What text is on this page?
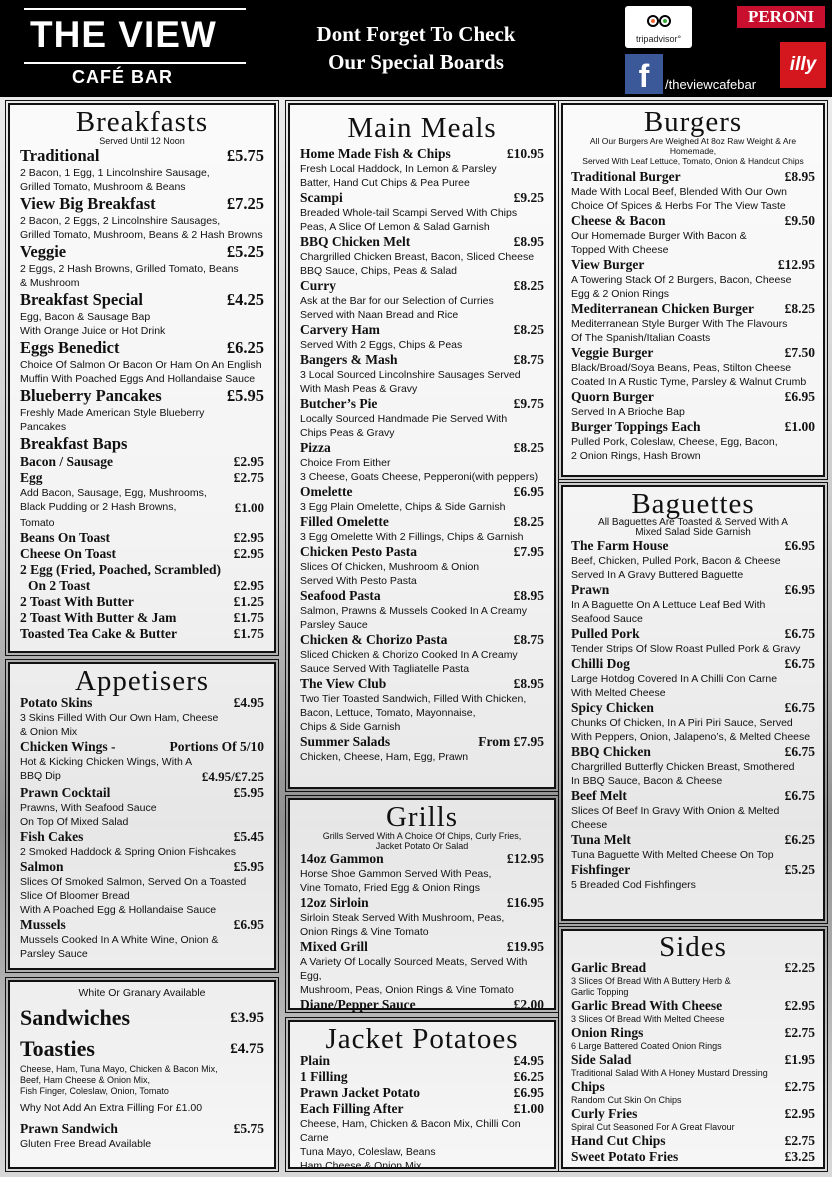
THE VIEW
CAFÉ BAR
Dont Forget To Check
Our Special Boards
tripadvisor°
PERONI
f	/theviewcafebar
illy
Breakfasts
Served Until 12 Noon
Traditional	£5.75
2 Bacon, 1 Egg, 1 Lincolnshire Sausage,
Grilled Tomato, Mushroom & Beans
View Big Breakfast	£7.25
2 Bacon, 2 Eggs, 2 Lincolnshire Sausages,
Grilled Tomato, Mushroom, Beans & 2 Hash Browns
Veggie	£5.25
2 Eggs, 2 Hash Browns, Grilled Tomato, Beans
& Mushroom
Breakfast Special	£4.25
Egg, Bacon & Sausage Bap
With Orange Juice or Hot Drink
Eggs Benedict	£6.25
Choice Of Salmon Or Bacon Or Ham On An English
Muffin With Poached Eggs And Hollandaise Sauce
Blueberry Pancakes	£5.95
Freshly Made American Style Blueberry
Pancakes
Breakfast Baps
Bacon / Sausage	£2.95
Egg	£2.75
Add Bacon, Sausage, Egg, Mushrooms,
Black Pudding or 2 Hash Browns,	£1.00
Tomato
Beans On Toast	£2.95
Cheese On Toast	£2.95
2 Egg (Fried, Poached, Scrambled)
On 2 Toast	£2.95
2 Toast With Butter	£1.25
2 Toast With Butter & Jam	£1.75
Toasted Tea Cake & Butter	£1.75
Appetisers
Potato Skins	£4.95
3 Skins Filled With Our Own Ham, Cheese
& Onion Mix
Chicken Wings -	Portions Of 5/10
Hot & Kicking Chicken Wings, With A
BBQ Dip	£4.95/£7.25
Prawn Cocktail	£5.95
Prawns, With Seafood Sauce
On Top Of Mixed Salad
Fish Cakes	£5.45
2 Smoked Haddock & Spring Onion Fishcakes
Salmon	£5.95
Slices Of Smoked Salmon, Served On a Toasted
Slice Of Bloomer Bread
With A Poached Egg & Hollandaise Sauce
Mussels	£6.95
Mussels Cooked In A White Wine, Onion &
Parsley Sauce
White Or Granary Available
Sandwiches	£3.95
Toasties	£4.75
Cheese, Ham, Tuna Mayo, Chicken & Bacon Mix,
Beef, Ham Cheese & Onion Mix,
Fish Finger, Coleslaw, Onion, Tomato
Why Not Add An Extra Filling For £1.00
Prawn Sandwich	£5.75
Gluten Free Bread Available
Main Meals
Home Made Fish & Chips	£10.95
Fresh Local Haddock, In Lemon & Parsley
Batter, Hand Cut Chips & Pea Puree
Scampi	£9.25
Breaded Whole-tail Scampi Served With Chips
Peas, A Slice Of Lemon & Salad Garnish
BBQ Chicken Melt	£8.95
Chargrilled Chicken Breast, Bacon, Sliced Cheese
BBQ Sauce, Chips, Peas & Salad
Curry	£8.25
Ask at the Bar for our Selection of Curries
Served with Naan Bread and Rice
Carvery Ham	£8.25
Served With 2 Eggs, Chips & Peas
Bangers & Mash	£8.75
3 Local Sourced Lincolnshire Sausages Served
With Mash Peas & Gravy
Butcher’s Pie	£9.75
Locally Sourced Handmade Pie Served With
Chips Peas & Gravy
Pizza	£8.25
Choice From Either
3 Cheese, Goats Cheese, Pepperoni(with peppers)
Omelette	£6.95
3 Egg Plain Omelette, Chips & Side Garnish
Filled Omelette	£8.25
3 Egg Omelette With 2 Fillings, Chips & Garnish
Chicken Pesto Pasta	£7.95
Slices Of Chicken, Mushroom & Onion
Served With Pesto Pasta
Seafood Pasta	£8.95
Salmon, Prawns & Mussels Cooked In A Creamy
Parsley Sauce
Chicken & Chorizo Pasta	£8.75
Sliced Chicken & Chorizo Cooked In A Creamy
Sauce Served With Tagliatelle Pasta
The View Club	£8.95
Two Tier Toasted Sandwich, Filled With Chicken,
Bacon, Lettuce, Tomato, Mayonnaise,
Chips & Side Garnish
Summer Salads	From £7.95
Chicken, Cheese, Ham, Egg, Prawn
Grills
Grills Served With A Choice Of Chips, Curly Fries,
Jacket Potato Or Salad
14oz Gammon	£12.95
Horse Shoe Gammon Served With Peas,
Vine Tomato, Fried Egg & Onion Rings
12oz Sirloin	£16.95
Sirloin Steak Served With Mushroom, Peas,
Onion Rings & Vine Tomato
Mixed Grill	£19.95
A Variety Of Locally Sourced Meats, Served With Egg,
Mushroom, Peas, Onion Rings & Vine Tomato
Diane/Pepper Sauce	£2.00
Jacket Potatoes
Plain	£4.95
1 Filling	£6.25
Prawn Jacket Potato	£6.95
Each Filling After	£1.00
Cheese, Ham, Chicken & Bacon Mix, Chilli Con Carne
Tuna Mayo, Coleslaw, Beans
Ham Cheese & Onion Mix
Burgers
All Our Burgers Are Weighed At 8oz Raw Weight & Are Homemade,
Served With Leaf Lettuce, Tomato, Onion & Handcut Chips
Traditional Burger	£8.95
Made With Local Beef, Blended With Our Own
Choice Of Spices & Herbs For The View Taste
Cheese & Bacon	£9.50
Our Homemade Burger With Bacon &
Topped With Cheese
View Burger	£12.95
A Towering Stack Of 2 Burgers, Bacon, Cheese
Egg & 2 Onion Rings
Mediterranean Chicken Burger £8.25
Mediterranean Style Burger With The Flavours
Of The Spanish/Italian Coasts
Veggie Burger	£7.50
Black/Broad/Soya Beans, Peas, Stilton Cheese
Coated In A Rustic Tyme, Parsley & Walnut Crumb
Quorn Burger	£6.95
Served In A Brioche Bap
Burger Toppings Each	£1.00
Pulled Pork, Coleslaw, Cheese, Egg, Bacon,
2 Onion Rings, Hash Brown
Baguettes
All Baguettes Are Toasted & Served With A
Mixed Salad Side Garnish
The Farm House	£6.95
Beef, Chicken, Pulled Pork, Bacon & Cheese
Served In A Gravy Buttered Baguette
Prawn	£6.95
In A Baguette On A Lettuce Leaf Bed With
Seafood Sauce
Pulled Pork	£6.75
Tender Strips Of Slow Roast Pulled Pork & Gravy
Chilli Dog	£6.75
Large Hotdog Covered In A Chilli Con Carne
With Melted Cheese
Spicy Chicken	£6.75
Chunks Of Chicken, In A Piri Piri Sauce, Served
With Peppers, Onion, Jalapeno’s, & Melted Cheese
BBQ Chicken	£6.75
Chargrilled Butterfly Chicken Breast, Smothered
In BBQ Sauce, Bacon & Cheese
Beef Melt	£6.75
Slices Of Beef In Gravy With Onion & Melted
Cheese
Tuna Melt	£6.25
Tuna Baguette With Melted Cheese On Top
Fishfinger	£5.25
5 Breaded Cod Fishfingers
Sides
Garlic Bread	£2.25
3 Slices Of Bread With A Buttery Herb &
Garlic Topping
Garlic Bread With Cheese	£2.95
3 Slices Of Bread With Melted Cheese
Onion Rings	£2.75
6 Large Battered Coated Onion Rings
Side Salad	£1.95
Traditional Salad With A Honey Mustard Dressing
Chips	£2.75
Random Cut Skin On Chips
Curly Fries	£2.95
Spiral Cut Seasoned For A Great Flavour
Hand Cut Chips	£2.75
Sweet Potato Fries	£3.25
